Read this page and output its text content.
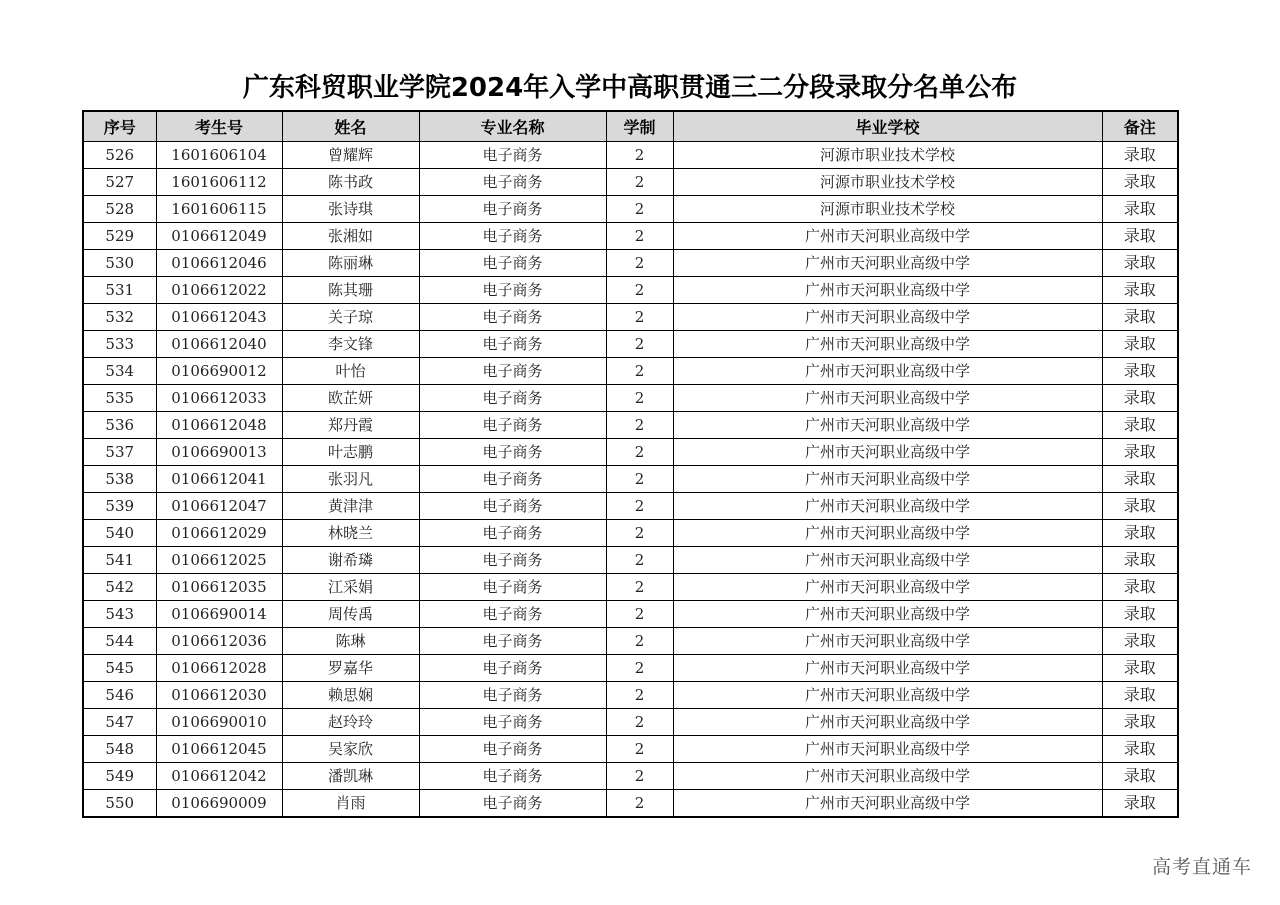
广东科贸职业学院2024年入学中高职贯通三二分段录取分名单公布
序号	考生号	姓名	专业名称	学制	毕业学校	备注
526	1601606104	曾耀辉	电子商务	2	河源市职业技术学校	录取
527	1601606112	陈书政	电子商务	2	河源市职业技术学校	录取
528	1601606115	张诗琪	电子商务	2	河源市职业技术学校	录取
529	0106612049	张湘如	电子商务	2	广州市天河职业高级中学	录取
530	0106612046	陈丽琳	电子商务	2	广州市天河职业高级中学	录取
531	0106612022	陈其珊	电子商务	2	广州市天河职业高级中学	录取
532	0106612043	关子琼	电子商务	2	广州市天河职业高级中学	录取
533	0106612040	李文锋	电子商务	2	广州市天河职业高级中学	录取
534	0106690012	叶怡	电子商务	2	广州市天河职业高级中学	录取
535	0106612033	欧芷妍	电子商务	2	广州市天河职业高级中学	录取
536	0106612048	郑丹霞	电子商务	2	广州市天河职业高级中学	录取
537	0106690013	叶志鹏	电子商务	2	广州市天河职业高级中学	录取
538	0106612041	张羽凡	电子商务	2	广州市天河职业高级中学	录取
539	0106612047	黄津津	电子商务	2	广州市天河职业高级中学	录取
540	0106612029	林晓兰	电子商务	2	广州市天河职业高级中学	录取
541	0106612025	谢希璘	电子商务	2	广州市天河职业高级中学	录取
542	0106612035	江采娟	电子商务	2	广州市天河职业高级中学	录取
543	0106690014	周传禹	电子商务	2	广州市天河职业高级中学	录取
544	0106612036	陈琳	电子商务	2	广州市天河职业高级中学	录取
545	0106612028	罗嘉华	电子商务	2	广州市天河职业高级中学	录取
546	0106612030	赖思娴	电子商务	2	广州市天河职业高级中学	录取
547	0106690010	赵玲玲	电子商务	2	广州市天河职业高级中学	录取
548	0106612045	吴家欣	电子商务	2	广州市天河职业高级中学	录取
549	0106612042	潘凯琳	电子商务	2	广州市天河职业高级中学	录取
550	0106690009	肖雨	电子商务	2	广州市天河职业高级中学	录取
高考直通车
